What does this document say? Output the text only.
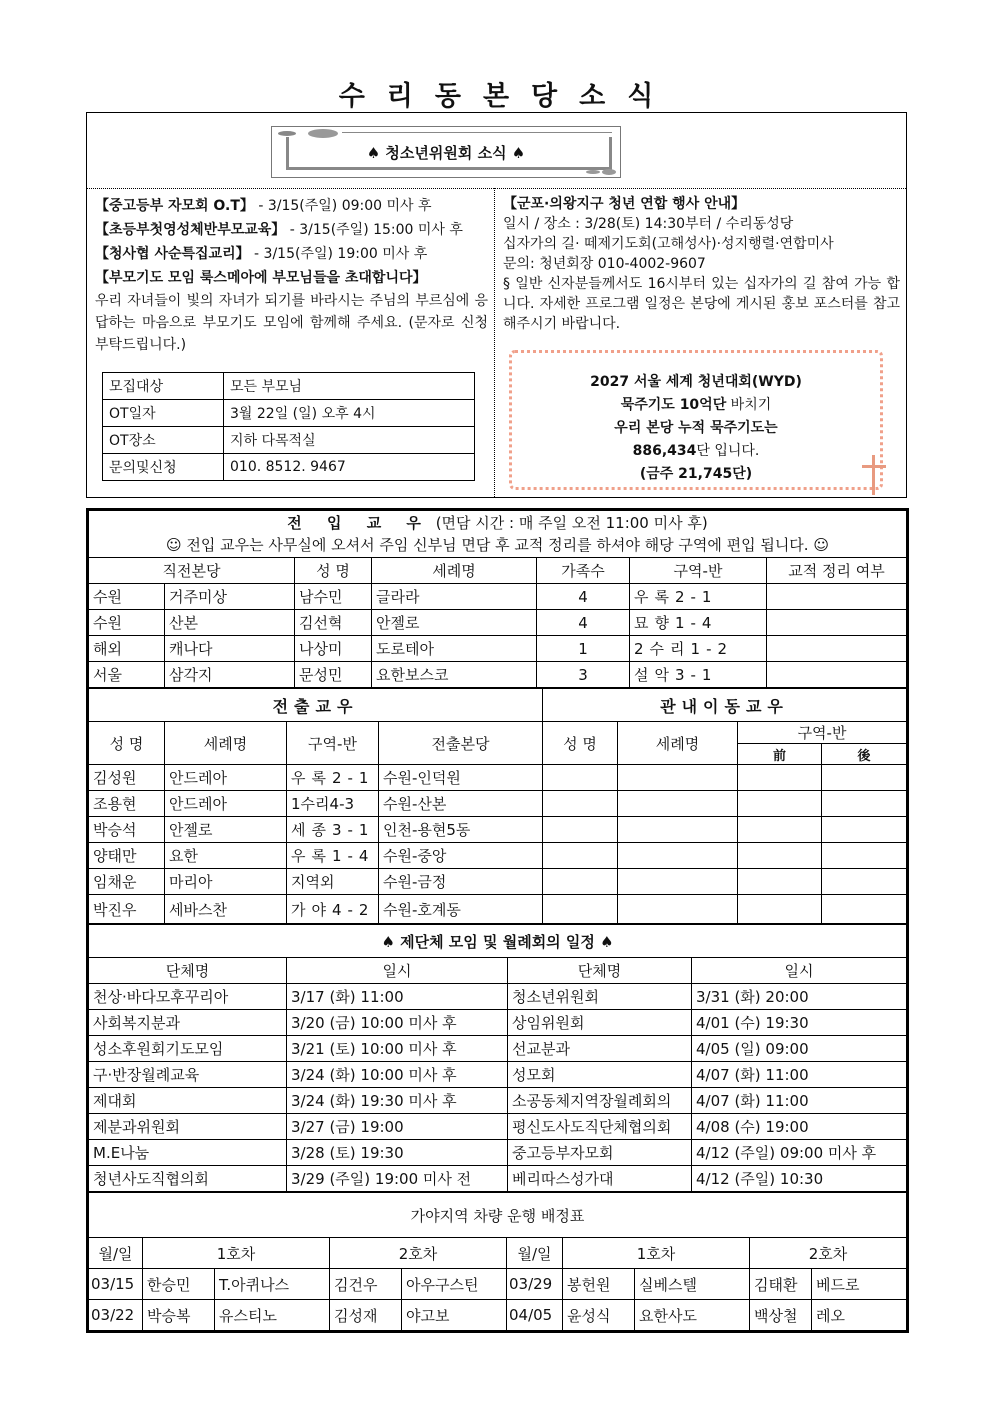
수리동본당소식
♠ 청소년위원회 소식 ♠
【중고등부 자모회 O.T】 - 3/15(주일) 09:00 미사 후
【초등부첫영성체반부모교육】 - 3/15(주일) 15:00 미사 후
【청사협 사순특집교리】 - 3/15(주일) 19:00 미사 후
【부모기도 모임 룩스메아에 부모님들을 초대합니다】
우리 자녀들이 빛의 자녀가 되기를 바라시는 주님의 부르심에 응답하는 마음으로 부모기도 모임에 함께해 주세요. (문자로 신청 부탁드립니다.)
모집대상	모든 부모님
OT일자	3월 22일 (일) 오후 4시
OT장소	지하 다목적실
문의및신청	010. 8512. 9467
【군포·의왕지구 청년 연합 행사 안내】
일시 / 장소 : 3/28(토) 14:30부터 / 수리동성당
십자가의 길· 떼제기도회(고해성사)·성지행렬·연합미사
문의: 청년회장 010-4002-9607
§ 일반 신자분들께서도 16시부터 있는 십자가의 길 참여 가능 합니다. 자세한 프로그램 일정은 본당에 게시된 홍보 포스터를 참고해주시기 바랍니다.
2027 서울 세계 청년대회(WYD)
묵주기도 10억단 바치기
우리 본당 누적 묵주기도는
886,434단 입니다.
(금주 21,745단)
전 입 교 우 (면담 시간 : 매 주일 오전 11:00 미사 후)
☺ 전입 교우는 사무실에 오셔서 주임 신부님 면담 후 교적 정리를 하셔야 해당 구역에 편입 됩니다. ☺						

직전본당		성 명	세례명	가족수	구역-반	교적 정리 여부
수원	거주미상	남수민	글라라	4	우록2-1	
수원	산본	김선혁	안젤로	4	묘향1-4	
해외	캐나다	나상미	도로테아	1	2수리1-2	
서울	삼각지	문성민	요한보스코	3	설악3-1	
전출교우				관내이동교우			
성 명	세례명	구역-반	전출본당	성 명	세례명	구역-반	
						前	後
김성원	안드레아	우록2-1	수원-인덕원				
조용현	안드레아	1수리4-3	수원-산본				
박승석	안젤로	세종3-1	인천-용현5동				
양태만	요한	우록1-4	수원-중앙				
임채운	마리아	지역외	수원-금정				
박진우	세바스찬	가야4-2	수원-호계동				
♠ 제단체 모임 및 월례회의 일정 ♠			
단체명	일시	단체명	일시
천상·바다모후꾸리아	3/17 (화) 11:00	청소년위원회	3/31 (화) 20:00
사회복지분과	3/20 (금) 10:00 미사 후	상임위원회	4/01 (수) 19:30
성소후원회기도모임	3/21 (토) 10:00 미사 후	선교분과	4/05 (일) 09:00
구·반장월례교육	3/24 (화) 10:00 미사 후	성모회	4/07 (화) 11:00
제대회	3/24 (화) 19:30 미사 후	소공동체지역장월례회의	4/07 (화) 11:00
제분과위원회	3/27 (금) 19:00	평신도사도직단체협의회	4/08 (수) 19:00
M.E나눔	3/28 (토) 19:30	중고등부자모회	4/12 (주일) 09:00 미사 후
청년사도직협의회	3/29 (주일) 19:00 미사 전	베리따스성가대	4/12 (주일) 10:30
가야지역 차량 운행 배정표									
월/일	1호차		2호차		월/일	1호차		2호차	
03/15	한승민	T.아퀴나스	김건우	아우구스틴	03/29	봉헌원	실베스텔	김태환	베드로
03/22	박승복	유스티노	김성재	야고보	04/05	윤성식	요한사도	백상철	레오
